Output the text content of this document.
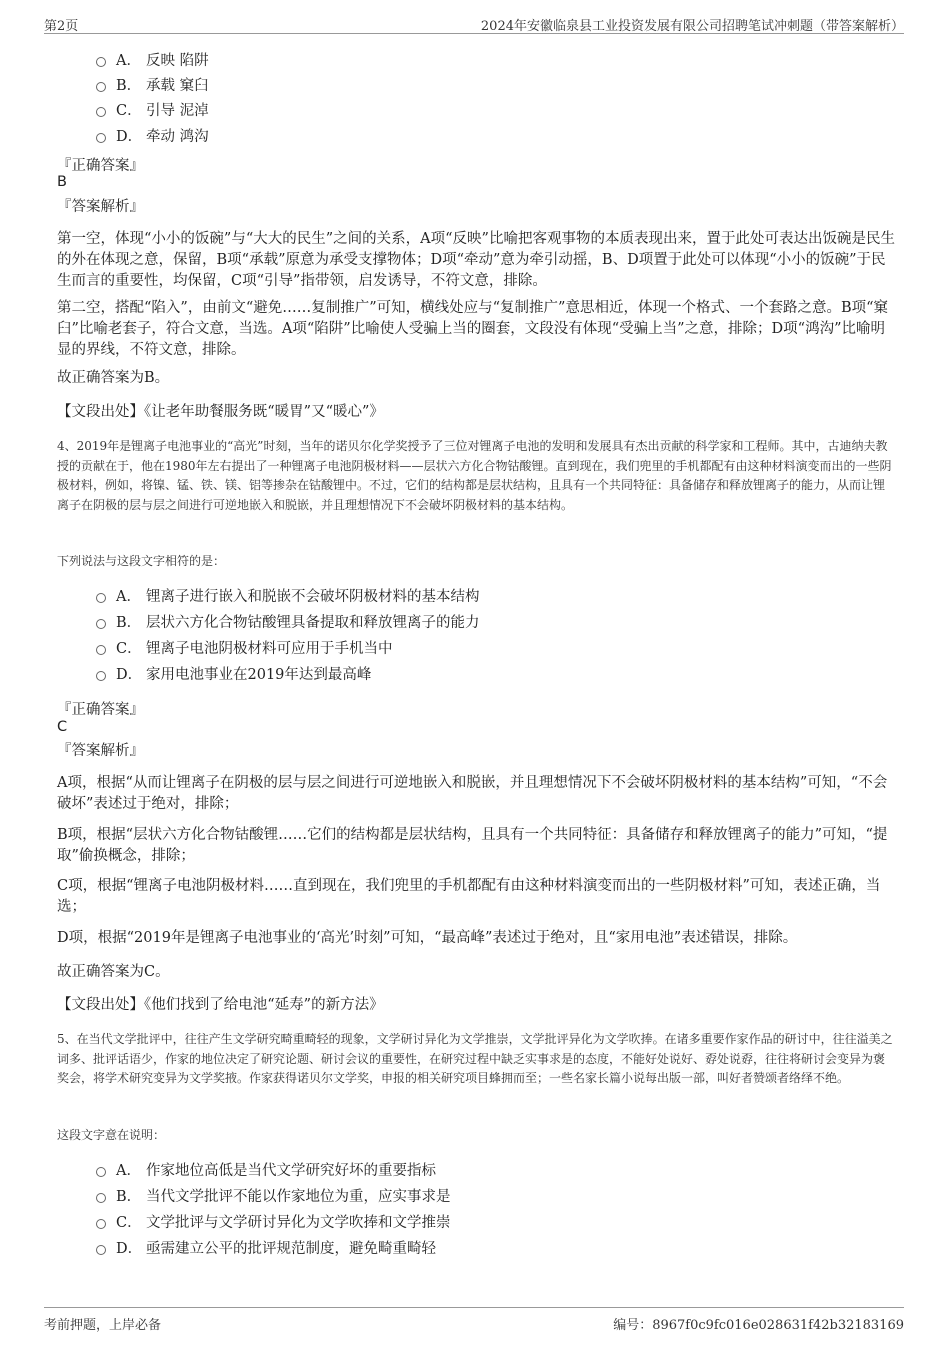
第2页	2024年安徽临泉县工业投资发展有限公司招聘笔试冲刺题（带答案解析）
A． 反映 陷阱
B． 承载 窠臼
C． 引导 泥淖
D． 牵动 鸿沟
『正确答案』
B
『答案解析』
第一空，体现“小小的饭碗”与“大大的民生”之间的关系，A项“反映”比喻把客观事物的本质表现出来，置于此处可表达出饭碗是民生的外在体现之意，保留，B项“承载”原意为承受支撑物体；D项“牵动”意为牵引动摇，B、D项置于此处可以体现“小小的饭碗”于民生而言的重要性，均保留，C项“引导”指带领，启发诱导，不符文意，排除。
第二空，搭配“陷入”，由前文“避免……复制推广”可知，横线处应与“复制推广”意思相近，体现一个格式、一个套路之意。B项“窠臼”比喻老套子，符合文意，当选。A项“陷阱”比喻使人受骗上当的圈套，文段没有体现“受骗上当”之意，排除；D项“鸿沟”比喻明显的界线，不符文意，排除。
故正确答案为B。
【文段出处】《让老年助餐服务既“暖胃”又“暖心”》
4、2019年是锂离子电池事业的“高光”时刻，当年的诺贝尔化学奖授予了三位对锂离子电池的发明和发展具有杰出贡献的科学家和工程师。其中，古迪纳夫教授的贡献在于，他在1980年左右提出了一种锂离子电池阴极材料——层状六方化合物钴酸锂。直到现在，我们兜里的手机都配有由这种材料演变而出的一些阴极材料，例如，将镍、锰、铁、镁、铝等掺杂在钴酸锂中。不过，它们的结构都是层状结构，且具有一个共同特征：具备储存和释放锂离子的能力，从而让锂离子在阴极的层与层之间进行可逆地嵌入和脱嵌，并且理想情况下不会破坏阴极材料的基本结构。
下列说法与这段文字相符的是：
A． 锂离子进行嵌入和脱嵌不会破坏阴极材料的基本结构
B． 层状六方化合物钴酸锂具备提取和释放锂离子的能力
C． 锂离子电池阴极材料可应用于手机当中
D． 家用电池事业在2019年达到最高峰
『正确答案』
C
『答案解析』
A项，根据“从而让锂离子在阴极的层与层之间进行可逆地嵌入和脱嵌，并且理想情况下不会破坏阴极材料的基本结构”可知，“不会破坏”表述过于绝对，排除；
B项，根据“层状六方化合物钴酸锂……它们的结构都是层状结构，且具有一个共同特征：具备储存和释放锂离子的能力”可知，“提取”偷换概念，排除；
C项，根据“锂离子电池阴极材料……直到现在，我们兜里的手机都配有由这种材料演变而出的一些阴极材料”可知，表述正确，当选；
D项，根据“2019年是锂离子电池事业的‘高光’时刻”可知，“最高峰”表述过于绝对，且“家用电池”表述错误，排除。
故正确答案为C。
【文段出处】《他们找到了给电池“延寿”的新方法》
5、在当代文学批评中，往往产生文学研究畸重畸轻的现象，文学研讨异化为文学推崇，文学批评异化为文学吹捧。在诸多重要作家作品的研讨中，往往溢美之词多、批评话语少，作家的地位决定了研究论题、研讨会议的重要性，在研究过程中缺乏实事求是的态度，不能好处说好、孬处说孬，往往将研讨会变异为褒奖会，将学术研究变异为文学奖掖。作家获得诺贝尔文学奖，申报的相关研究项目蜂拥而至；一些名家长篇小说每出版一部，叫好者赞颂者络绎不绝。
这段文字意在说明：
A． 作家地位高低是当代文学研究好坏的重要指标
B． 当代文学批评不能以作家地位为重，应实事求是
C． 文学批评与文学研讨异化为文学吹捧和文学推崇
D． 亟需建立公平的批评规范制度，避免畸重畸轻
考前押题，上岸必备	编号：8967f0c9fc016e028631f42b32183169
